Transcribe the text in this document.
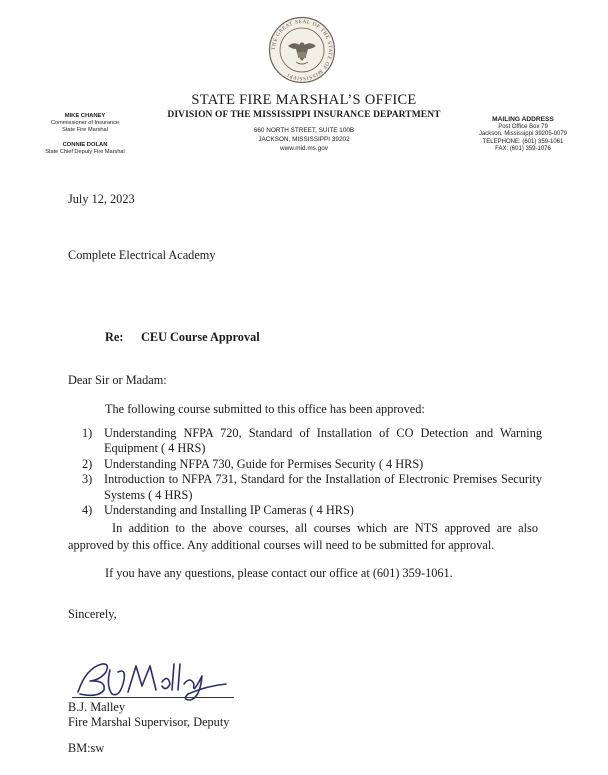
THE GREAT SEAL OF THE STATE OF MISSISSIPPI
STATE FIRE MARSHAL’S OFFICE
DIVISION OF THE MISSISSIPPI INSURANCE DEPARTMENT
660 NORTH STREET, SUITE 100B
JACKSON, MISSISSIPPI 39202
www.mid.ms.gov
MIKE CHANEY
Commissioner of Insurance
State Fire Marshal
CONNIE DOLAN
State Chief Deputy Fire Marshal
MAILING ADDRESS
Post Office Box 79
Jackson, Mississippi 39205-0079
TELEPHONE: (601) 359-1061
FAX: (601) 359-1076
July 12, 2023
Complete Electrical Academy
Re: CEU Course Approval
Dear Sir or Madam:
The following course submitted to this office has been approved:
1) Understanding NFPA 720, Standard of Installation of CO Detection and Warning Equipment ( 4 HRS)
2) Understanding NFPA 730, Guide for Permises Security ( 4 HRS)
3) Introduction to NFPA 731, Standard for the Installation of Electronic Premises Security Systems ( 4 HRS)
4) Understanding and Installing IP Cameras ( 4 HRS)
In addition to the above courses, all courses which are NTS approved are also approved by this office. Any additional courses will need to be submitted for approval.
If you have any questions, please contact our office at (601) 359-1061.
Sincerely,
B.J. Malley
Fire Marshal Supervisor, Deputy
BM:sw
